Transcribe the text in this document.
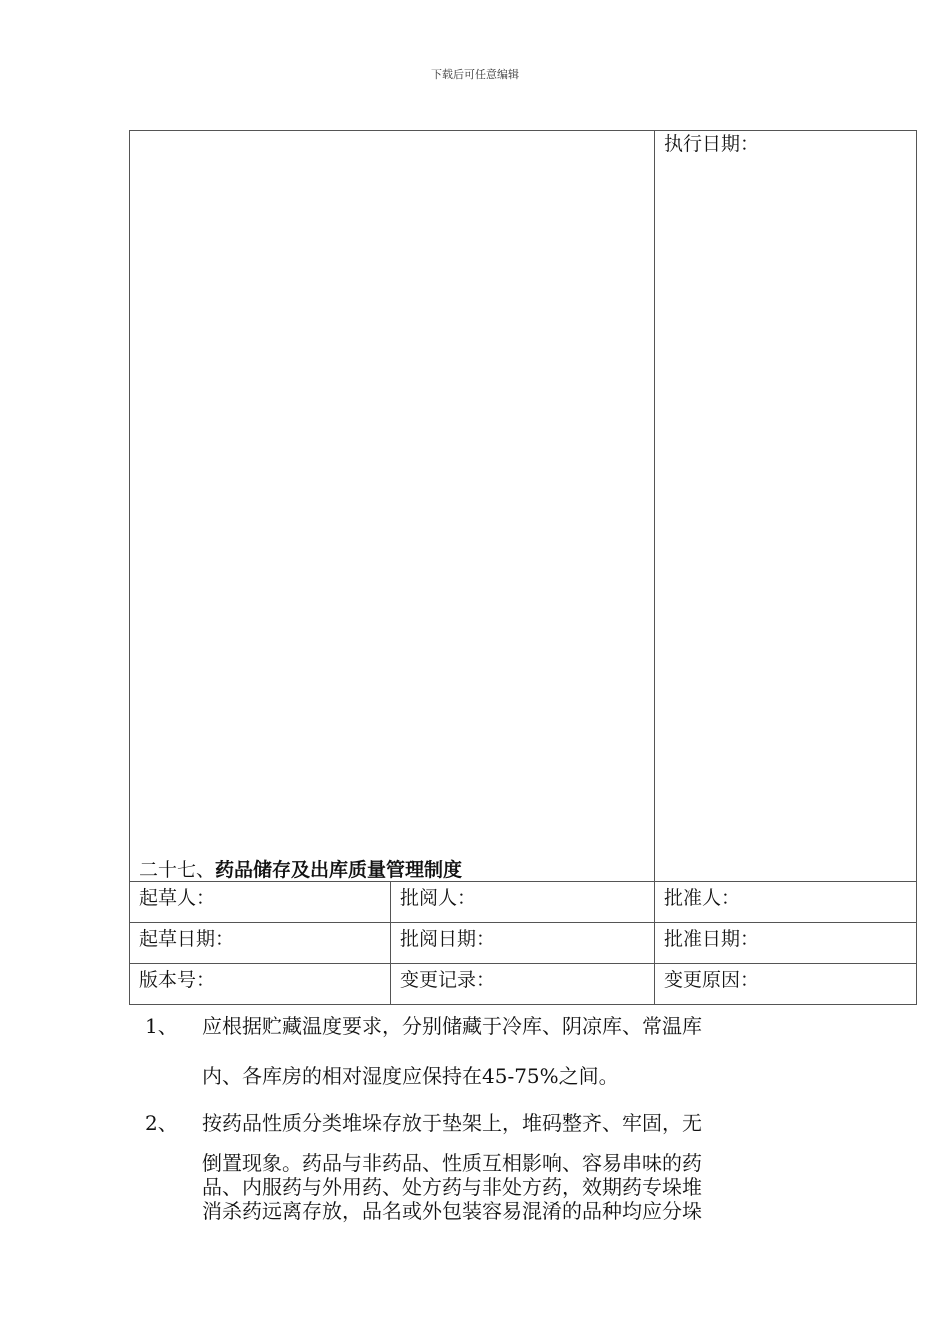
下载后可任意编辑
二十七、药品储存及出库质量管理制度		执行日期：
起草人：	批阅人：	批准人：
起草日期：	批阅日期：	批准日期：
版本号：	变更记录：	变更原因：
1、 应根据贮藏温度要求，分别储藏于冷库、阴凉库、常温库
内、各库房的相对湿度应保持在45-75%之间。
2、 按药品性质分类堆垛存放于垫架上，堆码整齐、牢固，无
倒置现象。药品与非药品、性质互相影响、容易串味的药
品、内服药与外用药、处方药与非处方药，效期药专垛堆
消杀药远离存放，品名或外包装容易混淆的品种均应分垛
